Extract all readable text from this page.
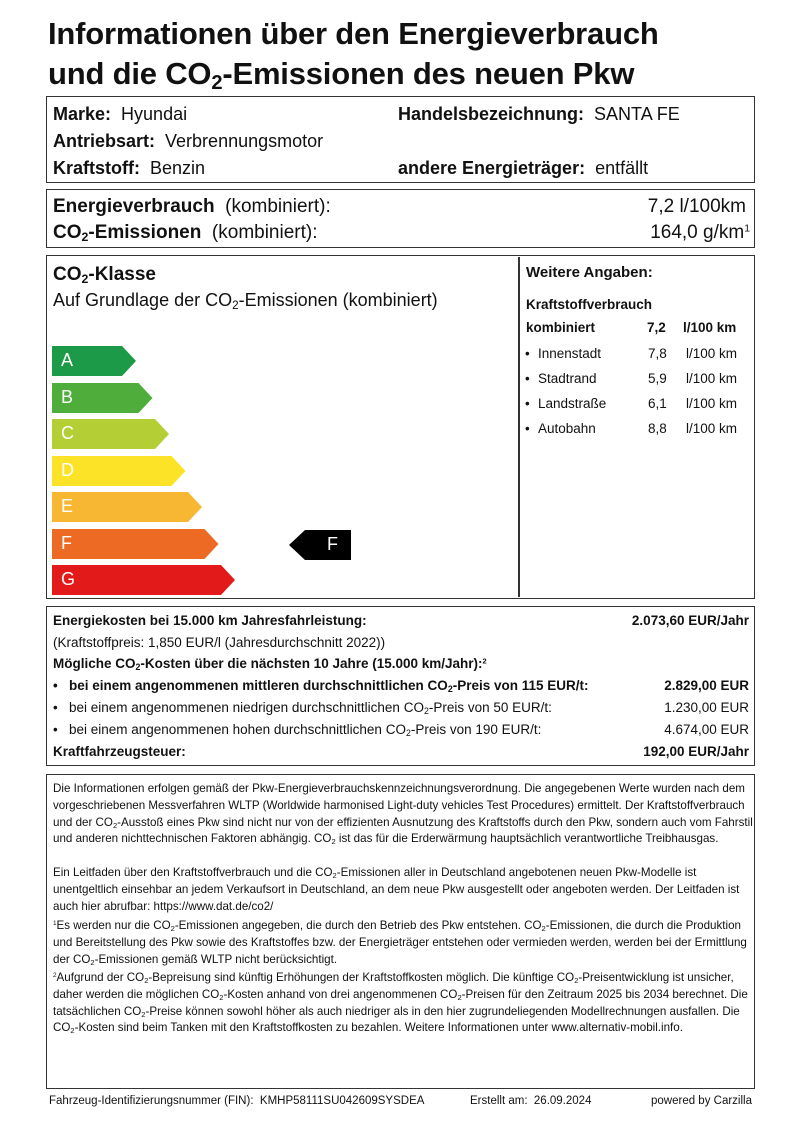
Informationen über den Energieverbrauch
und die $CO_2$-Emissionen des neuen Pkw
Marke: Hyundai	Handelsbezeichnung: SANTA FE
Antriebsart: Verbrennungsmotor
Kraftstoff: Benzin	andere Energieträger: entfällt
Energieverbrauch (kombiniert):	7,2 l/100km
$CO_2$-Emissionen (kombiniert):	164,0 $g/km^1$
$CO_2$-Klasse
Auf Grundlage der $CO_2$-Emissionen (kombiniert)
A
B
C
D
E
F
G
F
Weitere Angaben:
Kraftstoffverbrauch
kombiniert	7,2 l/100 km
• Innenstadt	7,8 l/100 km
• Stadtrand	5,9 l/100 km
• Landstraße	6,1 l/100 km
• Autobahn	8,8 l/100 km
Energiekosten bei 15.000 km Jahresfahrleistung:	2.073,60 EUR/Jahr
(Kraftstoffpreis: 1,850 EUR/l (Jahresdurchschnitt 2022))
Mögliche $CO_2$-Kosten über die nächsten 10 Jahre (15.000 km/Jahr):$^2$
•   bei einem angenommenen mittleren durchschnittlichen $CO_2$-Preis von 115 EUR/t:	2.829,00 EUR
•   bei einem angenommenen niedrigen durchschnittlichen $CO_2$-Preis von 50 EUR/t:	1.230,00 EUR
•   bei einem angenommenen hohen durchschnittlichen $CO_2$-Preis von 190 EUR/t:	4.674,00 EUR
Kraftfahrzeugsteuer:	192,00 EUR/Jahr
Die Informationen erfolgen gemäß der Pkw-Energieverbrauchskennzeichnungsverordnung. Die angegebenen Werte wurden nach dem vorgeschriebenen Messverfahren WLTP (Worldwide harmonised Light-duty vehicles Test Procedures) ermittelt. Der Kraftstoffverbrauch und der $CO_2$-Ausstoß eines Pkw sind nicht nur von der effizienten Ausnutzung des Kraftstoffs durch den Pkw, sondern auch vom Fahrstil und anderen nichttechnischen Faktoren abhängig. $CO_2$ ist das für die Erderwärmung hauptsächlich verantwortliche Treibhausgas.
Ein Leitfaden über den Kraftstoffverbrauch und die $CO_2$-Emissionen aller in Deutschland angebotenen neuen Pkw-Modelle ist unentgeltlich einsehbar an jedem Verkaufsort in Deutschland, an dem neue Pkw ausgestellt oder angeboten werden. Der Leitfaden ist auch hier abrufbar: https://www.dat.de/co2/
$^1$Es werden nur die $CO_2$-Emissionen angegeben, die durch den Betrieb des Pkw entstehen. $CO_2$-Emissionen, die durch die Produktion und Bereitstellung des Pkw sowie des Kraftstoffes bzw. der Energieträger entstehen oder vermieden werden, werden bei der Ermittlung der $CO_2$-Emissionen gemäß WLTP nicht berücksichtigt.
$^2$Aufgrund der $CO_2$-Bepreisung sind künftig Erhöhungen der Kraftstoffkosten möglich. Die künftige $CO_2$-Preisentwicklung ist unsicher, daher werden die möglichen $CO_2$-Kosten anhand von drei angenommenen $CO_2$-Preisen für den Zeitraum 2025 bis 2034 berechnet. Die tatsächlichen $CO_2$-Preise können sowohl höher als auch niedriger als in den hier zugrundeliegenden Modellrechnungen ausfallen. Die $CO_2$-Kosten sind beim Tanken mit den Kraftstoffkosten zu bezahlen. Weitere Informationen unter www.alternativ-mobil.info.
Fahrzeug-Identifizierungsnummer (FIN): KMHP58111SU042609SYSDEA	Erstellt am: 26.09.2024	powered by Carzilla
